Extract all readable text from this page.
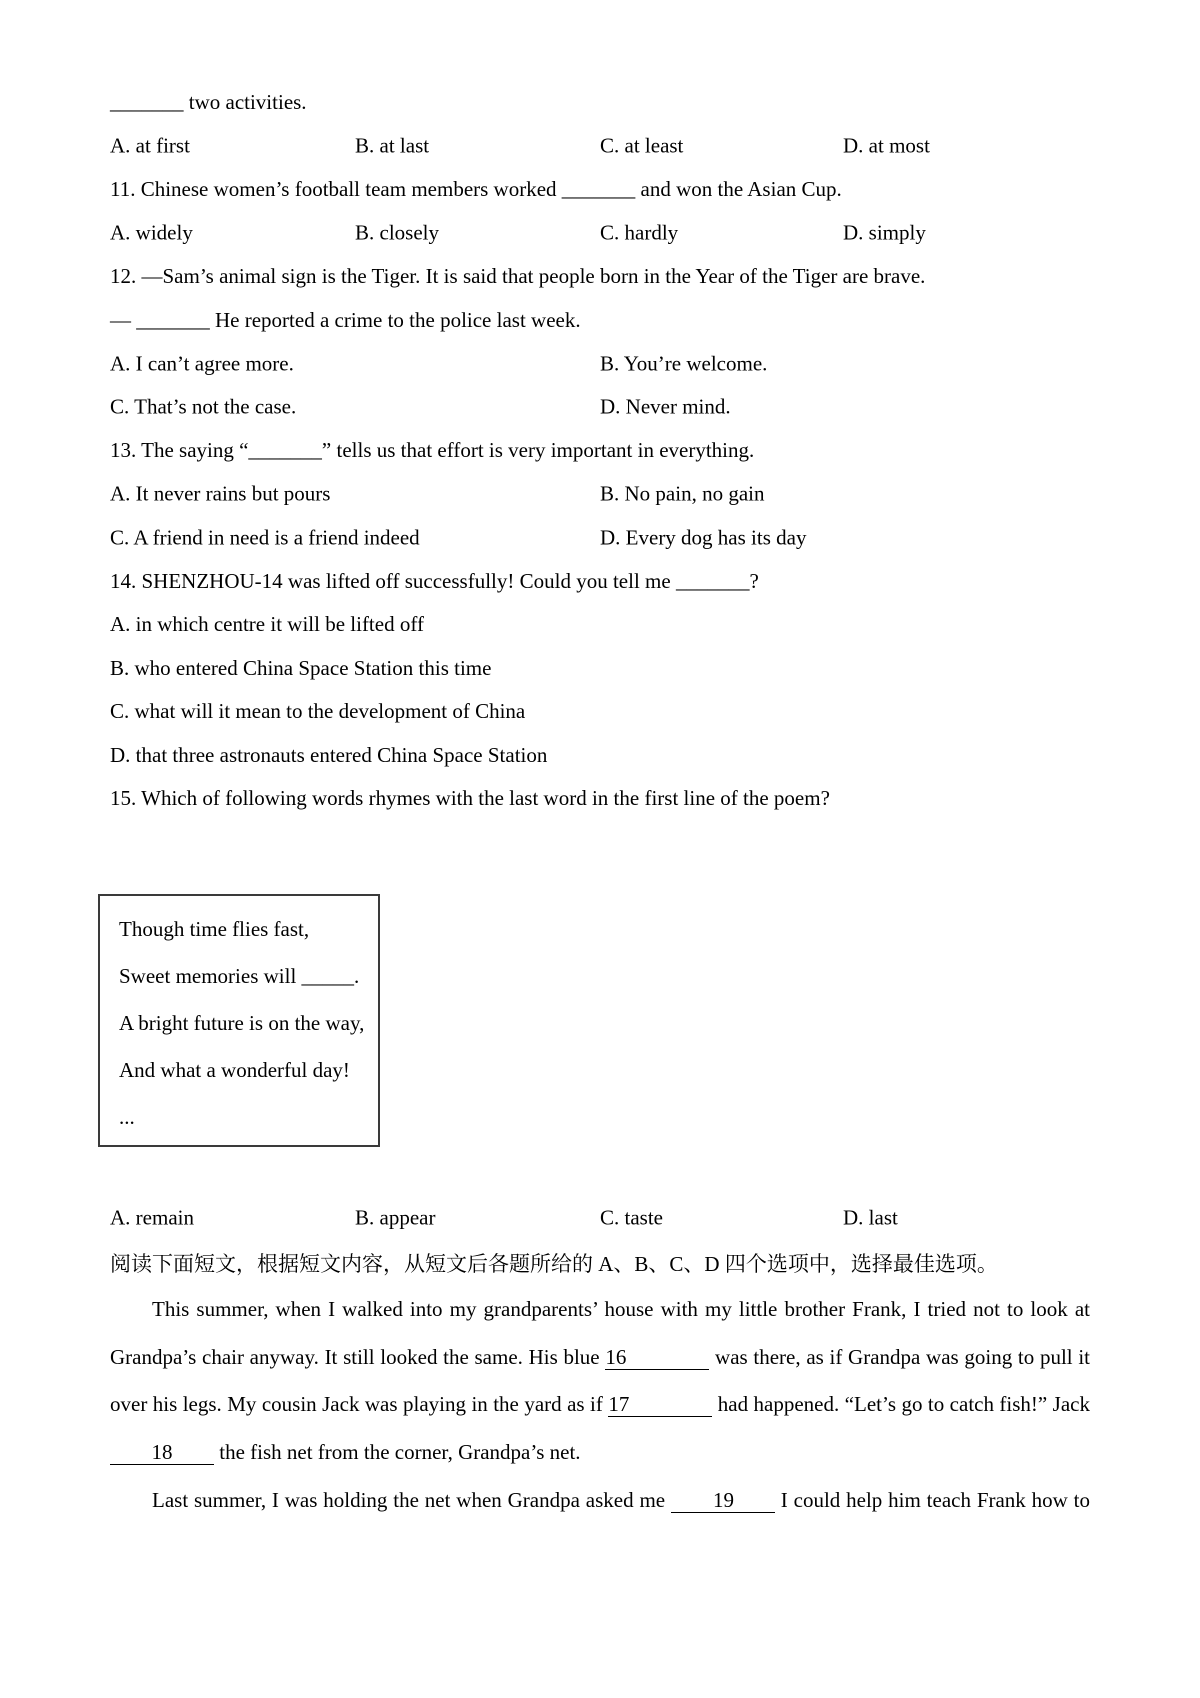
_______ two activities.
A. at first	B. at last	C. at least	D. at most
11. Chinese women’s football team members worked _______ and won the Asian Cup.
A. widely	B. closely	C. hardly	D. simply
12. —Sam’s animal sign is the Tiger. It is said that people born in the Year of the Tiger are brave.
— _______ He reported a crime to the police last week.
A. I can’t agree more.	B. You’re welcome.
C. That’s not the case.	D. Never mind.
13. The saying “_______” tells us that effort is very important in everything.
A. It never rains but pours	B. No pain, no gain
C. A friend in need is a friend indeed	D. Every dog has its day
14. SHENZHOU-14 was lifted off successfully! Could you tell me _______?
A. in which centre it will be lifted off
B. who entered China Space Station this time
C. what will it mean to the development of China
D. that three astronauts entered China Space Station
15. Which of following words rhymes with the last word in the first line of the poem?
Though time flies fast,
Sweet memories will _____.
A bright future is on the way,
And what a wonderful day!
...
A. remain	B. appear	C. taste	D. last
阅读下面短文，根据短文内容，从短文后各题所给的 A、B、C、D 四个选项中，选择最佳选项。
This summer, when I walked into my grandparents’ house with my little brother Frank, I tried not to look at
Grandpa’s chair anyway. It still looked the same. His blue 16	was there, as if Grandpa was going to pull it
over his legs. My cousin Jack was playing in the yard as if 17	had happened. “Let’s go to catch fish!” Jack
18 the fish net from the corner, Grandpa’s net.
Last summer, I was holding the net when Grandpa asked me 19 I could help him teach Frank how to
